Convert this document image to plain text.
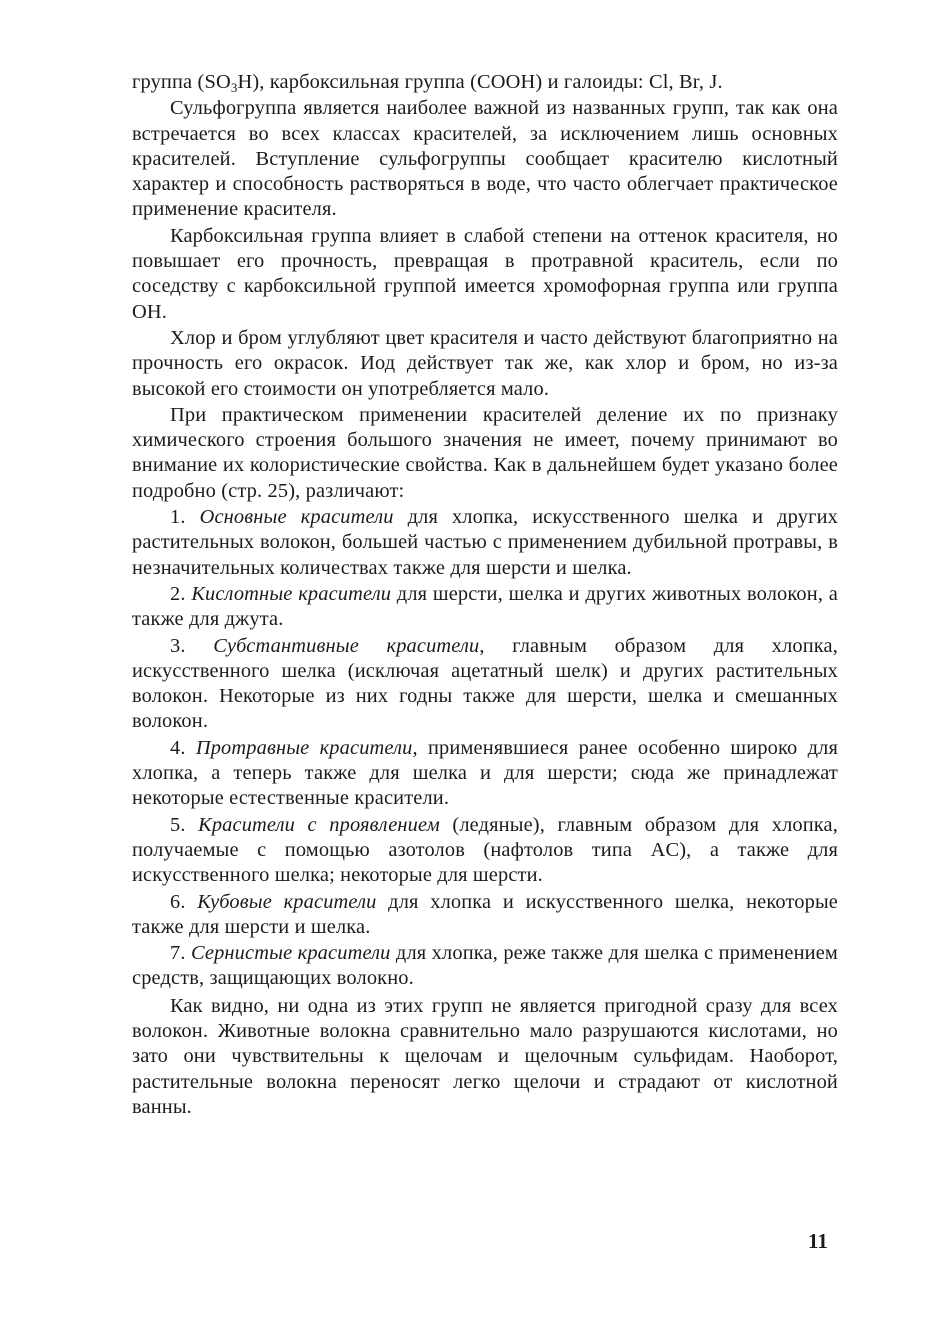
группа $(SO_3H)$, карбоксильная группа (COOH) и галоиды: Cl, Br, J.

Сульфогруппа является наиболее важной из названных групп, так как она встречается во всех классах красителей, за исключением лишь основных красителей. Вступление сульфогруппы сообщает красителю кислотный характер и способность растворяться в воде, что часто облегчает практическое применение красителя.

Карбоксильная группа влияет в слабой степени на оттенок красителя, но повышает его прочность, превращая в протравной краситель, если по соседству с карбоксильной группой имеется хромофорная группа или группа OH.

Хлор и бром углубляют цвет красителя и часто действуют благоприятно на прочность его окрасок. Иод действует так же, как хлор и бром, но из-за высокой его стоимости он употребляется мало.

При практическом применении красителей деление их по признаку химического строения большого значения не имеет, почему принимают во внимание их колористические свойства. Как в дальнейшем будет указано более подробно (стр. 25), различают:

1. Основные красители для хлопка, искусственного шелка и других растительных волокон, большей частью с применением дубильной протравы, в незначительных количествах также для шерсти и шелка.

2. Кислотные красители для шерсти, шелка и других животных волокон, а также для джута.

3. Субстантивные красители, главным образом для хлопка, искусственного шелка (исключая ацетатный шелк) и других растительных волокон. Некоторые из них годны также для шерсти, шелка и смешанных волокон.

4. Протравные красители, применявшиеся ранее особенно широко для хлопка, а теперь также для шелка и для шерсти; сюда же принадлежат некоторые естественные красители.

5. Красители с проявлением (ледяные), главным образом для хлопка, получаемые с помощью азотолов (нафтолов типа AC), а также для искусственного шелка; некоторые для шерсти.

6. Кубовые красители для хлопка и искусственного шелка, некоторые также для шерсти и шелка.

7. Сернистые красители для хлопка, реже также для шелка с применением средств, защищающих волокно.

Как видно, ни одна из этих групп не является пригодной сразу для всех волокон. Животные волокна сравнительно мало разрушаются кислотами, но зато они чувствительны к щелочам и щелочным сульфидам. Наоборот, растительные волокна переносят легко щелочи и страдают от кислотной ванны.

11
